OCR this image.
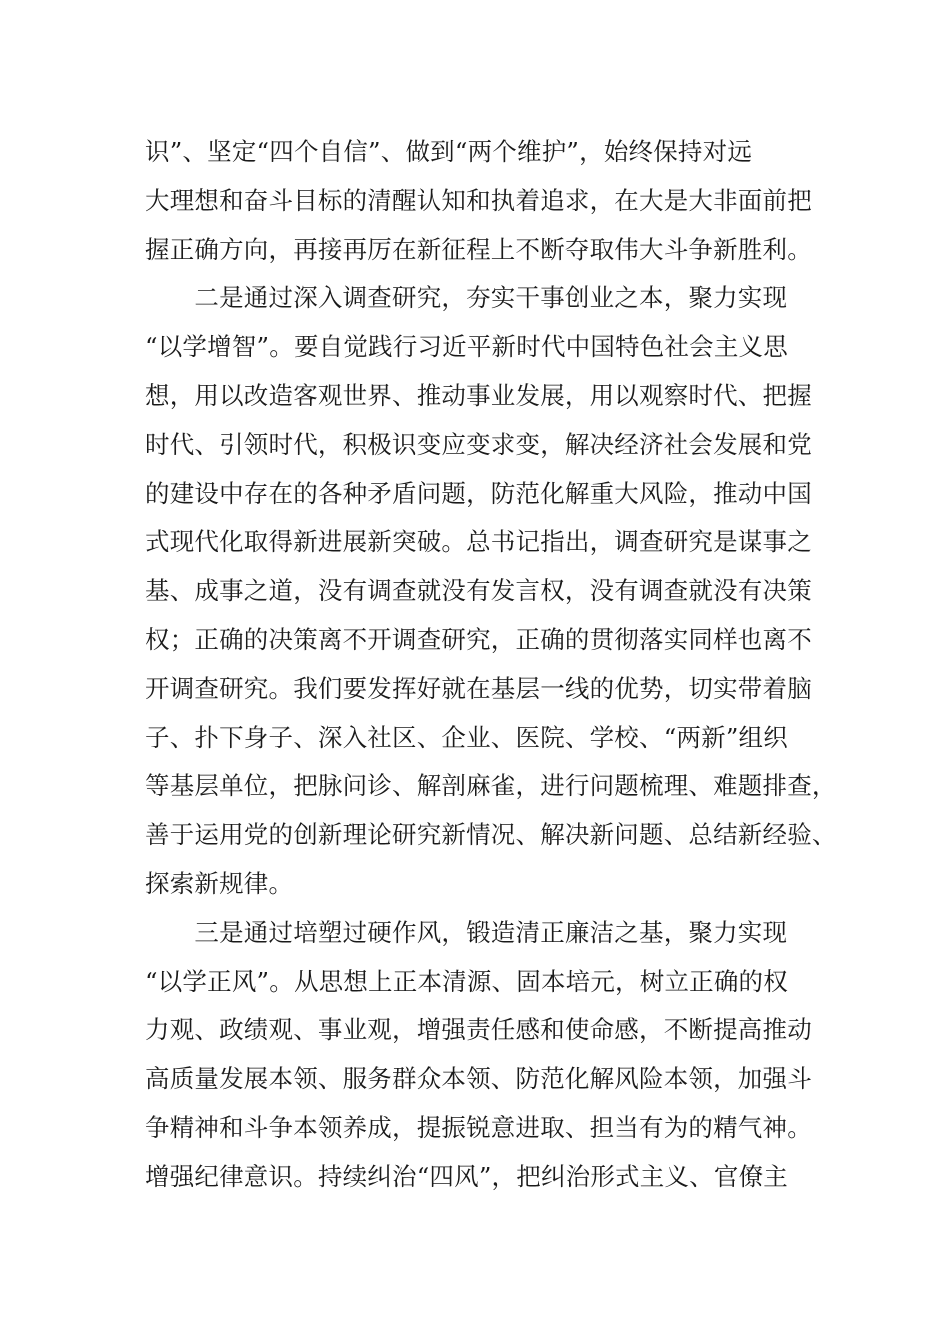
识”、坚定“四个自信”、做到“两个维护”，始终保持对远
大理想和奋斗目标的清醒认知和执着追求，在大是大非面前把
握正确方向，再接再厉在新征程上不断夺取伟大斗争新胜利。
　　二是通过深入调查研究，夯实干事创业之本，聚力实现
“以学增智”。要自觉践行习近平新时代中国特色社会主义思
想，用以改造客观世界、推动事业发展，用以观察时代、把握
时代、引领时代，积极识变应变求变，解决经济社会发展和党
的建设中存在的各种矛盾问题，防范化解重大风险，推动中国
式现代化取得新进展新突破。总书记指出，调查研究是谋事之
基、成事之道，没有调查就没有发言权，没有调查就没有决策
权；正确的决策离不开调查研究，正确的贯彻落实同样也离不
开调查研究。我们要发挥好就在基层一线的优势，切实带着脑
子、扑下身子、深入社区、企业、医院、学校、“两新”组织
等基层单位，把脉问诊、解剖麻雀，进行问题梳理、难题排查，
善于运用党的创新理论研究新情况、解决新问题、总结新经验、
探索新规律。
　　三是通过培塑过硬作风，锻造清正廉洁之基，聚力实现
“以学正风”。从思想上正本清源、固本培元，树立正确的权
力观、政绩观、事业观，增强责任感和使命感，不断提高推动
高质量发展本领、服务群众本领、防范化解风险本领，加强斗
争精神和斗争本领养成，提振锐意进取、担当有为的精气神。
增强纪律意识。持续纠治“四风”，把纠治形式主义、官僚主
